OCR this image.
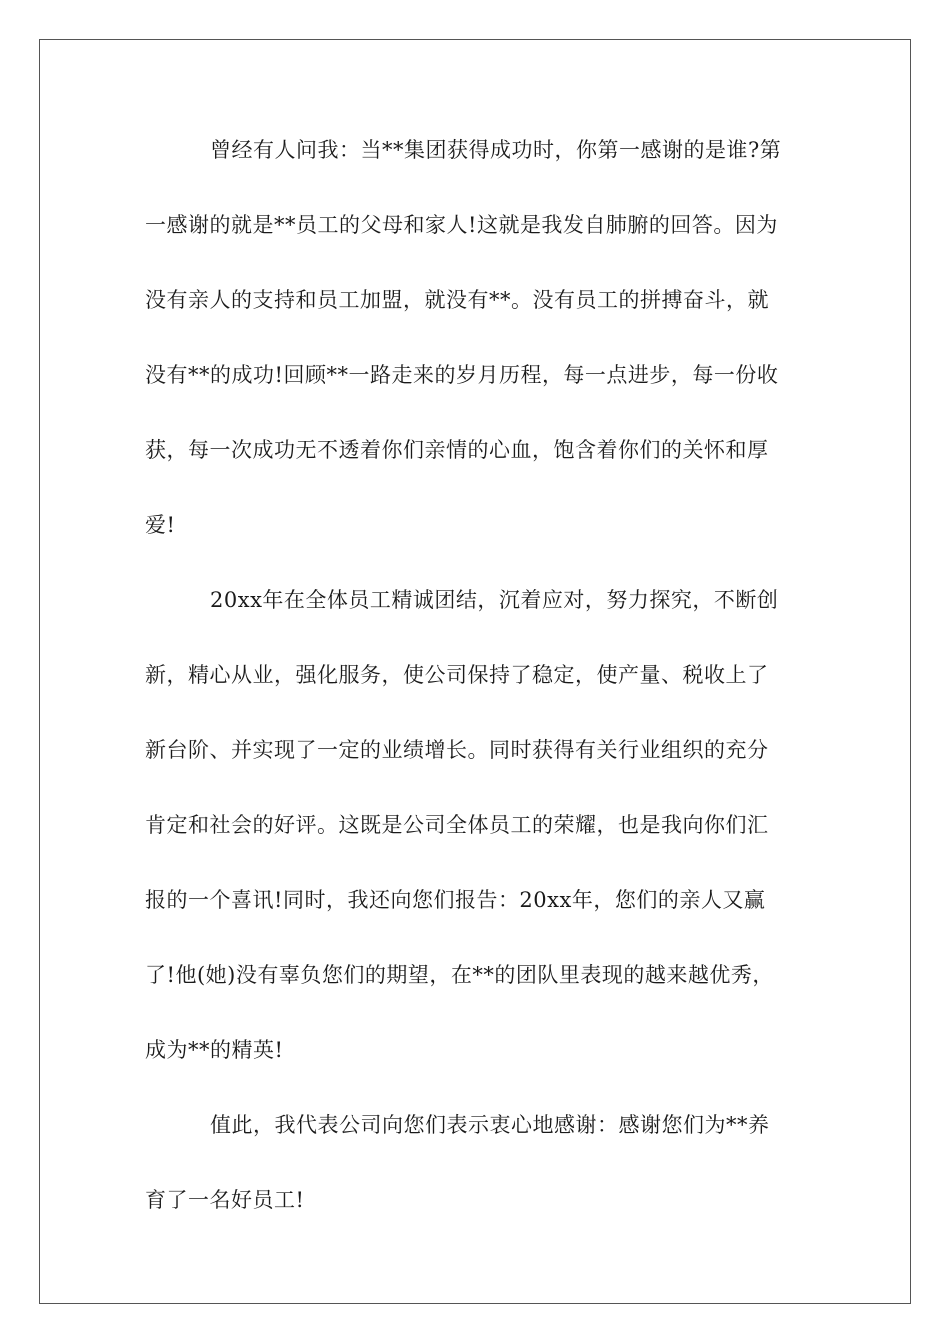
曾经有人问我：当**集团获得成功时，你第一感谢的是谁?第
一感谢的就是**员工的父母和家人!这就是我发自肺腑的回答。因为
没有亲人的支持和员工加盟，就没有**。没有员工的拼搏奋斗，就
没有**的成功!回顾**一路走来的岁月历程，每一点进步，每一份收
获，每一次成功无不透着你们亲情的心血，饱含着你们的关怀和厚
爱!
20xx年在全体员工精诚团结，沉着应对，努力探究，不断创
新，精心从业，强化服务，使公司保持了稳定，使产量、税收上了
新台阶、并实现了一定的业绩增长。同时获得有关行业组织的充分
肯定和社会的好评。这既是公司全体员工的荣耀，也是我向你们汇
报的一个喜讯!同时，我还向您们报告：20xx年，您们的亲人又赢
了!他(她)没有辜负您们的期望，在**的团队里表现的越来越优秀，
成为**的精英!
值此，我代表公司向您们表示衷心地感谢：感谢您们为**养
育了一名好员工!
